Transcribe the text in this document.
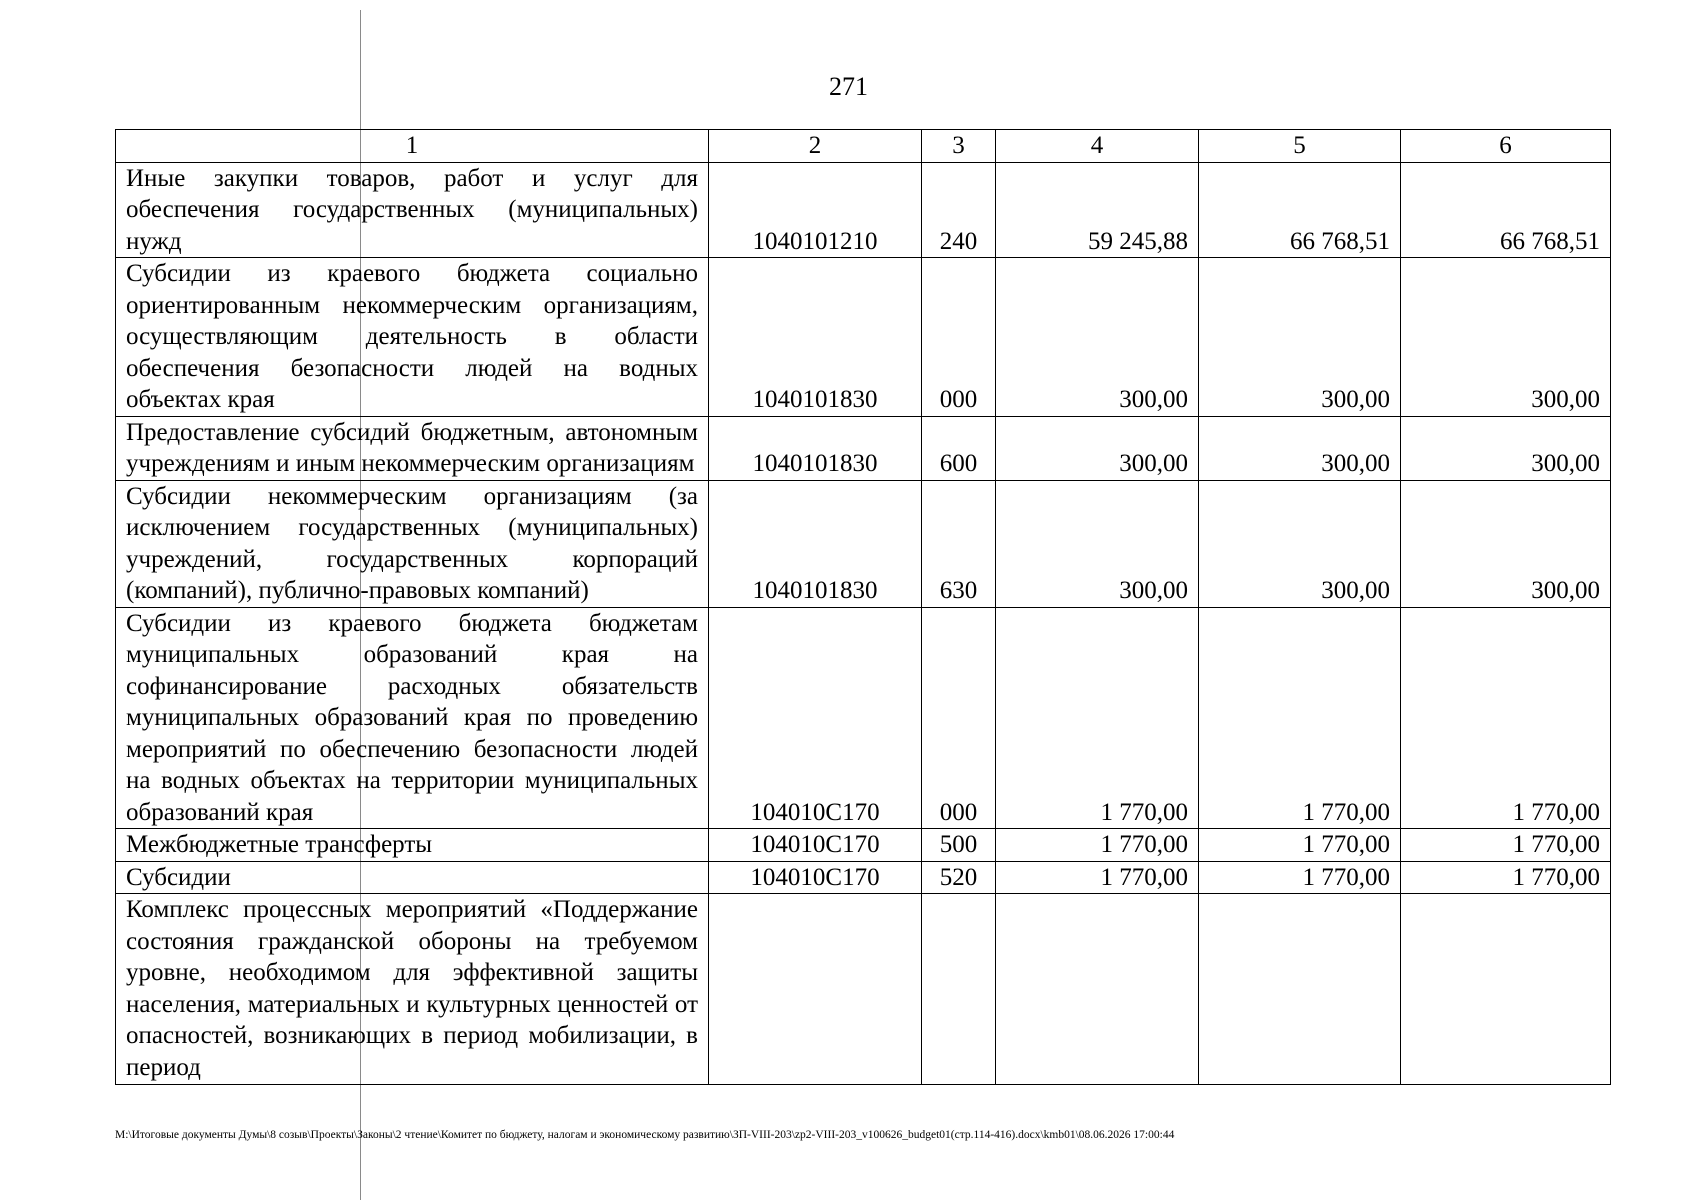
271
1	2	3	4	5	6
Иные закупки товаров, работ и услуг для обеспечения государственных (муниципальных) нужд	1040101210	240	59 245,88	66 768,51	66 768,51
Субсидии из краевого бюджета социально ориентированным некоммерческим организациям, осуществляющим деятельность в области обеспечения безопасности людей на водных объектах края	1040101830	000	300,00	300,00	300,00
Предоставление субсидий бюджетным, автономным учреждениям и иным некоммерческим организациям	1040101830	600	300,00	300,00	300,00
Субсидии некоммерческим организациям (за исключением государственных (муниципальных) учреждений, государственных корпораций (компаний), публично-правовых компаний)	1040101830	630	300,00	300,00	300,00
Субсидии из краевого бюджета бюджетам муниципальных образований края на софинансирование расходных обязательств муниципальных образований края по проведению мероприятий по обеспечению безопасности людей на водных объектах на территории муниципальных образований края	104010С170	000	1 770,00	1 770,00	1 770,00
Межбюджетные трансферты	104010С170	500	1 770,00	1 770,00	1 770,00
Субсидии	104010С170	520	1 770,00	1 770,00	1 770,00
Комплекс процессных мероприятий «Поддержание состояния гражданской обороны на требуемом уровне, необходимом для эффективной защиты населения, материальных и культурных ценностей от опасностей, возникающих в период мобилизации, в период					
M:\Итоговые документы Думы\8 созыв\Проекты\Законы\2 чтение\Комитет по бюджету, налогам и экономическому развитию\ЗП-VIII-203\zp2-VIII-203_v100626_budget01(стр.114-416).docx\kmb01\08.06.2026 17:00:44
